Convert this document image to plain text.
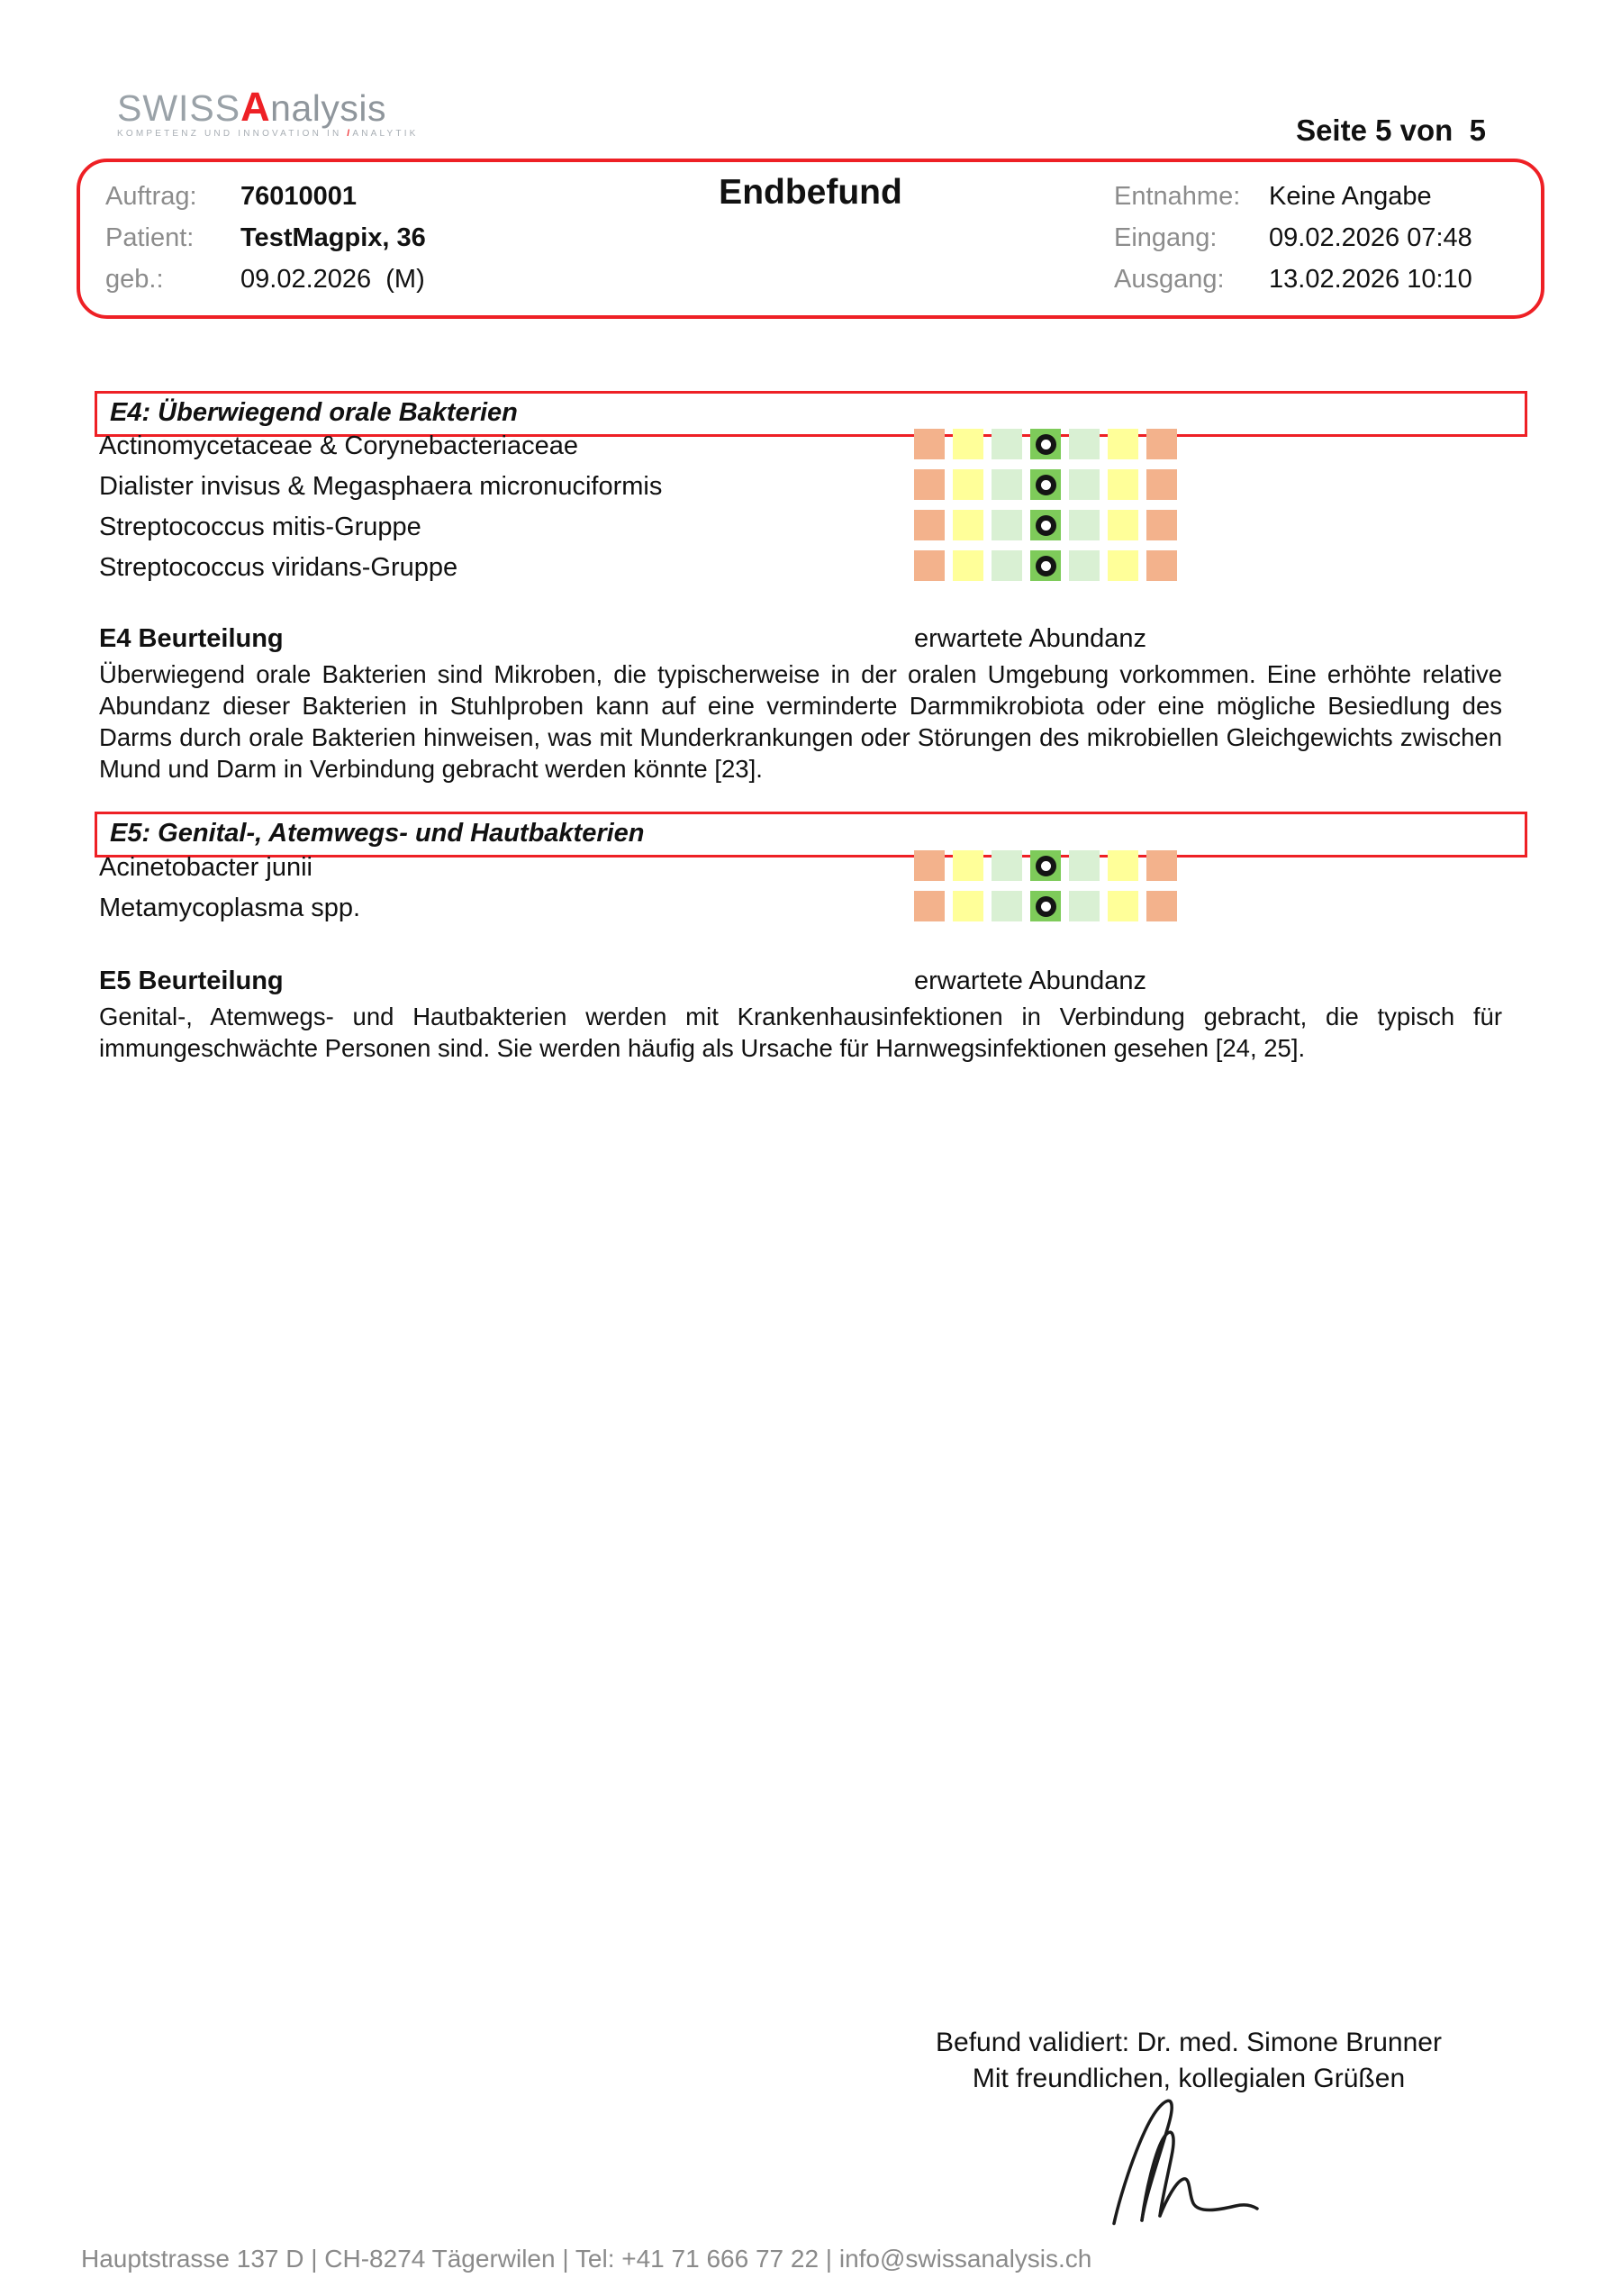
SWISSAnalysis
KOMPETENZ UND INNOVATION IN /ANALYTIK	Seite 5 von  5
Auftrag:	76010001
Patient:	TestMagpix, 36
geb.:	09.02.2026  (M)
Endbefund	Entnahme:	Keine Angabe
Eingang:	09.02.2026 07:48
Ausgang:	13.02.2026 10:10
E4: Überwiegend orale Bakterien
Actinomycetaceae & Corynebacteriaceae
Dialister invisus & Megasphaera micronuciformis
Streptococcus mitis-Gruppe
Streptococcus viridans-Gruppe
E4 Beurteilung	erwartete Abundanz
Überwiegend orale Bakterien sind Mikroben, die typischerweise in der oralen Umgebung vorkommen. Eine erhöhte relative Abundanz dieser Bakterien in Stuhlproben kann auf eine verminderte Darmmikrobiota oder eine mögliche Besiedlung des Darms durch orale Bakterien hinweisen, was mit Munderkrankungen oder Störungen des mikrobiellen Gleichgewichts zwischen Mund und Darm in Verbindung gebracht werden könnte [23].
E5: Genital-, Atemwegs- und Hautbakterien
Acinetobacter junii
Metamycoplasma spp.
E5 Beurteilung	erwartete Abundanz
Genital-, Atemwegs- und Hautbakterien werden mit Krankenhausinfektionen in Verbindung gebracht, die typisch für immungeschwächte Personen sind. Sie werden häufig als Ursache für Harnwegsinfektionen gesehen [24, 25].
Befund validiert: Dr. med. Simone Brunner
Mit freundlichen, kollegialen Grüßen
Hauptstrasse 137 D | CH-8274 Tägerwilen | Tel: +41 71 666 77 22 | info@swissanalysis.ch
